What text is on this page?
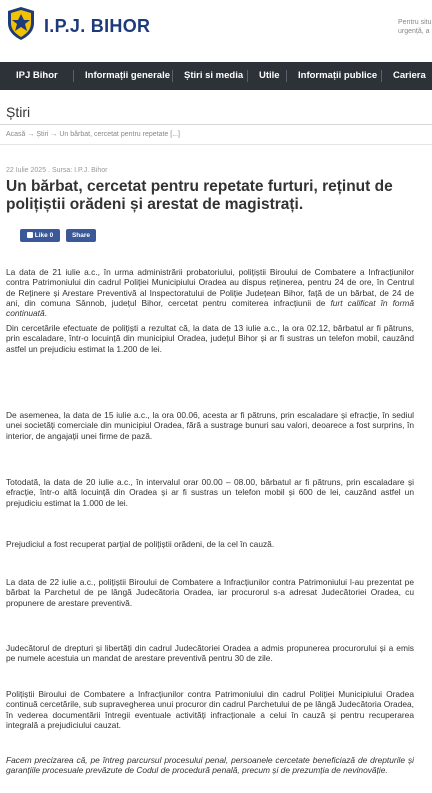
I.P.J. BIHOR	Pentru situ
urgență, a
IPJ Bihor	Informații generale Știri si media Utile Informații publice Cariera
Știri
Acasă → Știri → Un bărbat, cercetat pentru repetate [...]
22 Iulie 2025 . Sursa: I.P.J. Bihor
Un bărbat, cercetat pentru repetate furturi, reținut de polițiștii orădeni și arestat de magistrați.
Like 0	Share

La data de 21 iulie a.c., în urma administrării probatoriului, polițiștii Biroului de Combatere a Infracțiunilor contra Patrimoniului din cadrul Poliției Municipiului Oradea au dispus reținerea, pentru 24 de ore, în Centrul de Reținere și Arestare Preventivă al Inspectoratului de Poliție Județean Bihor, față de un bărbat, de 24 de ani, din comuna Sânnob, județul Bihor, cercetat pentru comiterea infracțiunii de furt calificat în formă continuată.

Din cercetările efectuate de polițiști a rezultat că, la data de 13 iulie a.c., la ora 02.12, bărbatul ar fi pătruns, prin escaladare, într-o locuință din municipiul Oradea, județul Bihor și ar fi sustras un telefon mobil, cauzând astfel un prejudiciu estimat la 1.200 de lei.

De asemenea, la data de 15 iulie a.c., la ora 00.06, acesta ar fi pătruns, prin escaladare și efracție, în sediul unei societăți comerciale din municipiul Oradea, fără a sustrage bunuri sau valori, deoarece a fost surprins, în interior, de angajații unei firme de pază.

Totodată, la data de 20 iulie a.c., în intervalul orar 00.00 – 08.00, bărbatul ar fi pătruns, prin escaladare și efracție, într-o altă locuință din Oradea și ar fi sustras un telefon mobil și 600 de lei, cauzând astfel un prejudiciu estimat la 1.000 de lei.

Prejudiciul a fost recuperat parțial de polițiștii orădeni, de la cel în cauză.

La data de 22 iulie a.c., polițiștii Biroului de Combatere a Infracțiunilor contra Patrimoniului l-au prezentat pe bărbat la Parchetul de pe lângă Judecătoria Oradea, iar procurorul s-a adresat Judecătoriei Oradea, cu propunere de arestare preventivă.

Judecătorul de drepturi și libertăți din cadrul Judecătoriei Oradea a admis propunerea procurorului și a emis pe numele acestuia un mandat de arestare preventivă pentru 30 de zile.

Polițiștii Biroului de Combatere a Infracțiunilor contra Patrimoniului din cadrul Poliției Municipiului Oradea continuă cercetările, sub supravegherea unui procuror din cadrul Parchetului de pe lângă Judecătoria Oradea, în vederea documentării întregii eventuale activități infracționale a celui în cauză și pentru recuperarea integrală a prejudiciului cauzat.

Facem precizarea că, pe întreg parcursul procesului penal, persoanele cercetate beneficiază de drepturile și garanțiile procesuale prevăzute de Codul de procedură penală, precum și de prezumția de nevinovăție.
